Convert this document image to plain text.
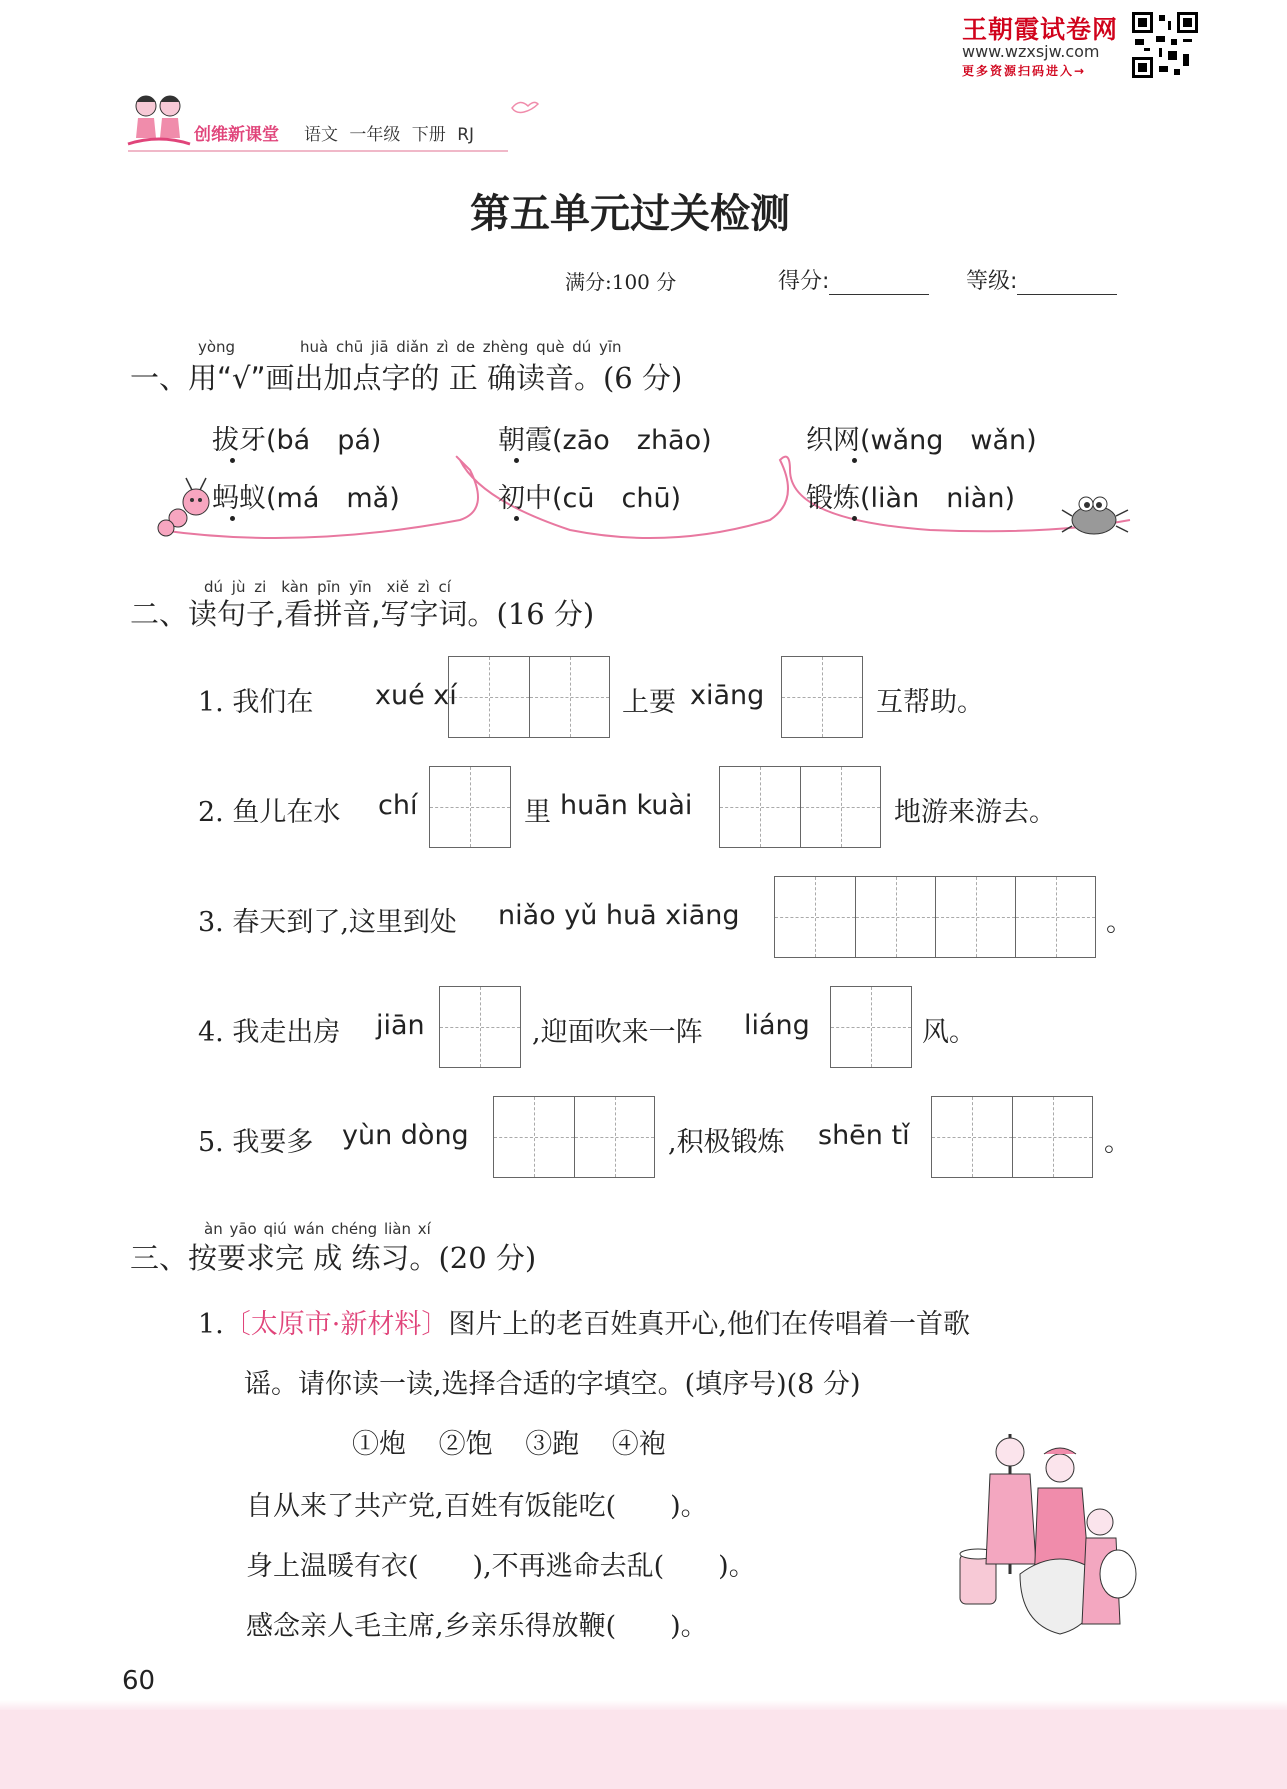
王朝霞试卷网
www.wzxsjw.com
更多资源扫码进入→
创维新课堂 语文 一年级 下册 RJ
第五单元过关检测
满分:100 分	得分:	等级:
yòng	huà chū jiā diǎn zì de zhèng què dú yīn
一、用“√”画出加点字的 正 确读音。(6 分)
拔牙(bá　pá)	朝霞(zāo　zhāo)	织网(wǎng　wǎn)
蚂蚁(má　mǎ)	初中(cū　chū)	锻炼(liàn　niàn)
dú jù zi　kàn pīn yīn　xiě zì cí
二、读句子,看拼音,写字词。(16 分)
1. 我们在 xué xí	上要 xiāng	互帮助。
2. 鱼儿在水 chí	里 huān kuài	地游来游去。
3. 春天到了,这里到处 niǎo yǔ huā xiāng	。
4. 我走出房 jiān	,迎面吹来一阵 liáng	风。
5. 我要多 yùn dòng	,积极锻炼 shēn tǐ	。
àn yāo qiú wán chéng liàn xí
三、按要求完 成 练习。(20 分)
1.〔太原市·新材料〕图片上的老百姓真开心,他们在传唱着一首歌
谣。请你读一读,选择合适的字填空。(填序号)(8 分)
①炮 ②饱 ③跑 ④袍
自从来了共产党,百姓有饭能吃(　　)。
身上温暖有衣(　　),不再逃命去乱(　　)。
感念亲人毛主席,乡亲乐得放鞭(　　)。
60
